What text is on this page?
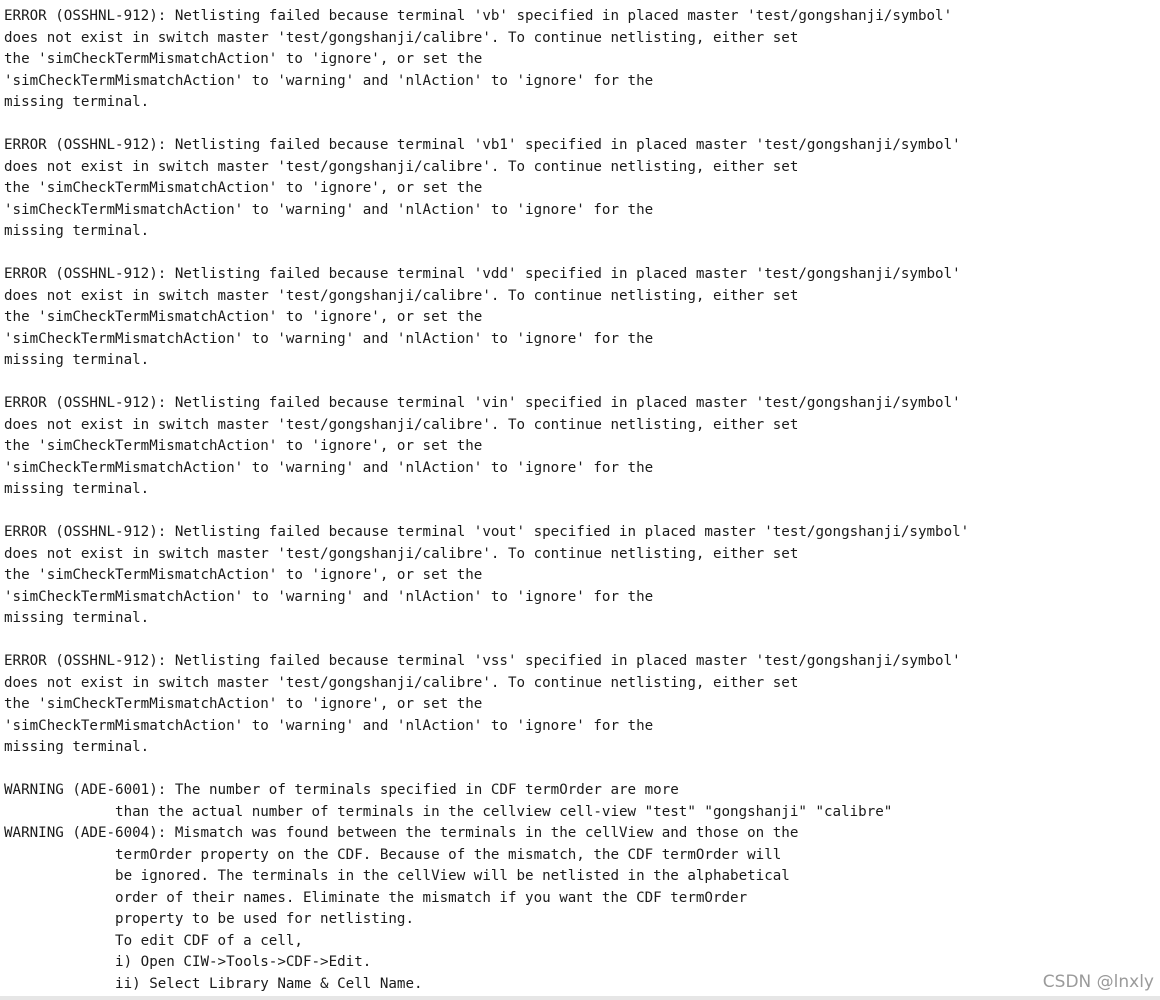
ERROR (OSSHNL-912): Netlisting failed because terminal 'vb' specified in placed master 'test/gongshanji/symbol'
does not exist in switch master 'test/gongshanji/calibre'. To continue netlisting, either set
the 'simCheckTermMismatchAction' to 'ignore', or set the
'simCheckTermMismatchAction' to 'warning' and 'nlAction' to 'ignore' for the
missing terminal.
ERROR (OSSHNL-912): Netlisting failed because terminal 'vb1' specified in placed master 'test/gongshanji/symbol'
does not exist in switch master 'test/gongshanji/calibre'. To continue netlisting, either set
the 'simCheckTermMismatchAction' to 'ignore', or set the
'simCheckTermMismatchAction' to 'warning' and 'nlAction' to 'ignore' for the
missing terminal.
ERROR (OSSHNL-912): Netlisting failed because terminal 'vdd' specified in placed master 'test/gongshanji/symbol'
does not exist in switch master 'test/gongshanji/calibre'. To continue netlisting, either set
the 'simCheckTermMismatchAction' to 'ignore', or set the
'simCheckTermMismatchAction' to 'warning' and 'nlAction' to 'ignore' for the
missing terminal.
ERROR (OSSHNL-912): Netlisting failed because terminal 'vin' specified in placed master 'test/gongshanji/symbol'
does not exist in switch master 'test/gongshanji/calibre'. To continue netlisting, either set
the 'simCheckTermMismatchAction' to 'ignore', or set the
'simCheckTermMismatchAction' to 'warning' and 'nlAction' to 'ignore' for the
missing terminal.
ERROR (OSSHNL-912): Netlisting failed because terminal 'vout' specified in placed master 'test/gongshanji/symbol'
does not exist in switch master 'test/gongshanji/calibre'. To continue netlisting, either set
the 'simCheckTermMismatchAction' to 'ignore', or set the
'simCheckTermMismatchAction' to 'warning' and 'nlAction' to 'ignore' for the
missing terminal.
ERROR (OSSHNL-912): Netlisting failed because terminal 'vss' specified in placed master 'test/gongshanji/symbol'
does not exist in switch master 'test/gongshanji/calibre'. To continue netlisting, either set
the 'simCheckTermMismatchAction' to 'ignore', or set the
'simCheckTermMismatchAction' to 'warning' and 'nlAction' to 'ignore' for the
missing terminal.
WARNING (ADE-6001): The number of terminals specified in CDF termOrder are more
than the actual number of terminals in the cellview cell-view "test" "gongshanji" "calibre"
WARNING (ADE-6004): Mismatch was found between the terminals in the cellView and those on the
termOrder property on the CDF. Because of the mismatch, the CDF termOrder will
be ignored. The terminals in the cellView will be netlisted in the alphabetical
order of their names. Eliminate the mismatch if you want the CDF termOrder
property to be used for netlisting.
To edit CDF of a cell,
i) Open CIW->Tools->CDF->Edit.
ii) Select Library Name & Cell Name.	CSDN @lnxly
